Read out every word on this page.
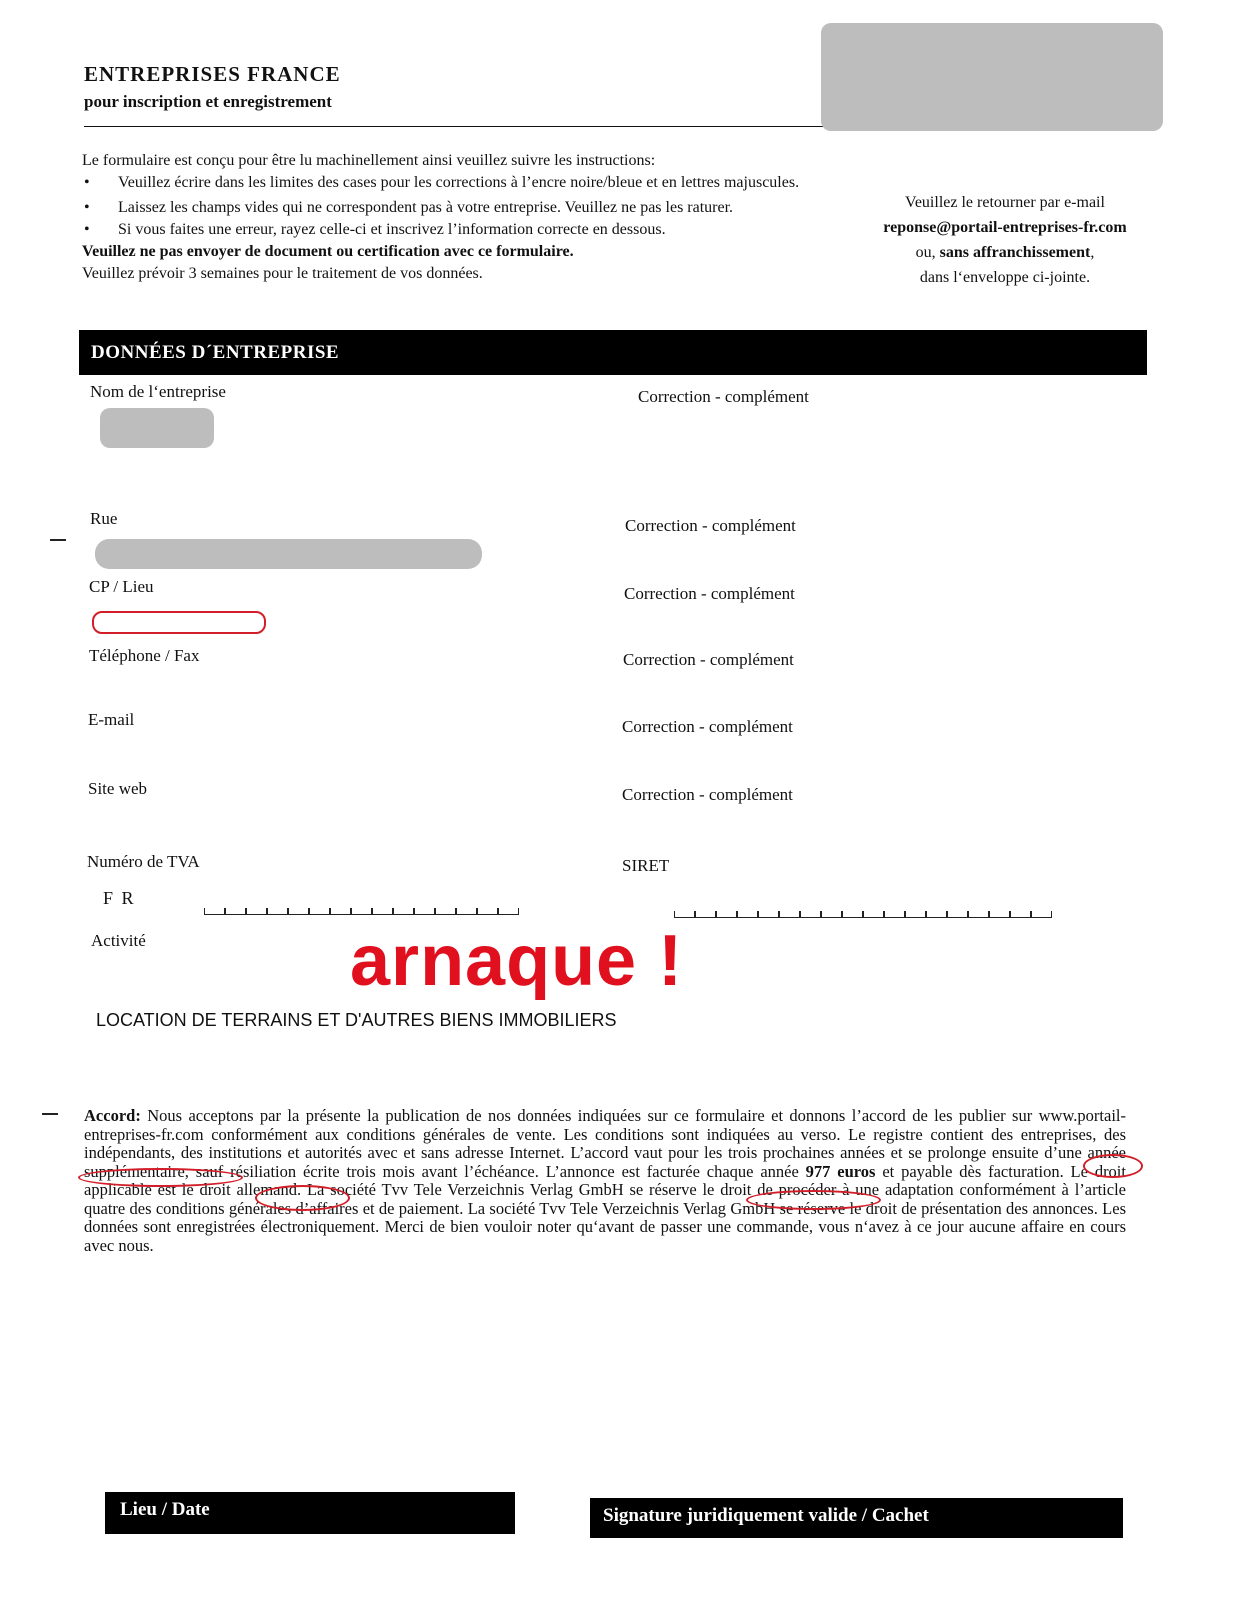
ENTREPRISES FRANCE
pour inscription et enregistrement
Le formulaire est conçu pour être lu machinellement ainsi veuillez suivre les instructions:
• Veuillez écrire dans les limites des cases pour les corrections à l’encre noire/bleue et en lettres majuscules.
• Laissez les champs vides qui ne correspondent pas à votre entreprise. Veuillez ne pas les raturer.
• Si vous faites une erreur, rayez celle-ci et inscrivez l’information correcte en dessous.
Veuillez ne pas envoyer de document ou certification avec ce formulaire.
Veuillez prévoir 3 semaines pour le traitement de vos données.
Veuillez le retourner par e-mail
reponse@portail-entreprises-fr.com
ou, sans affranchissement,
dans l‘enveloppe ci-jointe.
DONNÉES D´ENTREPRISE
Nom de l‘entreprise	Correction - complément
Rue	Correction - complément
CP / Lieu	Correction - complément
Téléphone / Fax	Correction - complément
E-mail	Correction - complément
Site web	Correction - complément
Numéro de TVA	SIRET
F R
Activité	arnaque !
LOCATION DE TERRAINS ET D'AUTRES BIENS IMMOBILIERS
Accord: Nous acceptons par la présente la publication de nos données indiquées sur ce formulaire et donnons l’accord de les publier sur www.portail-entreprises-fr.com conformément aux conditions générales de vente. Les conditions sont indiquées au verso. Le registre contient des entreprises, des indépendants, des institutions et autorités avec et sans adresse Internet. L’accord vaut pour les trois prochaines années et se prolonge ensuite d’une année supplémentaire, sauf résiliation écrite trois mois avant l’échéance. L’annonce est facturée chaque année 977 euros et payable dès facturation. Le droit applicable est le droit allemand. La société Tvv Tele Verzeichnis Verlag GmbH se réserve le droit de procéder à une adaptation conformément à l’article quatre des conditions générales d’affaires et de paiement. La société Tvv Tele Verzeichnis Verlag GmbH se réserve le droit de présentation des annonces. Les données sont enregistrées électroniquement. Merci de bien vouloir noter qu‘avant de passer une commande, vous n‘avez à ce jour aucune affaire en cours avec nous.
Lieu / Date	Signature juridiquement valide / Cachet
